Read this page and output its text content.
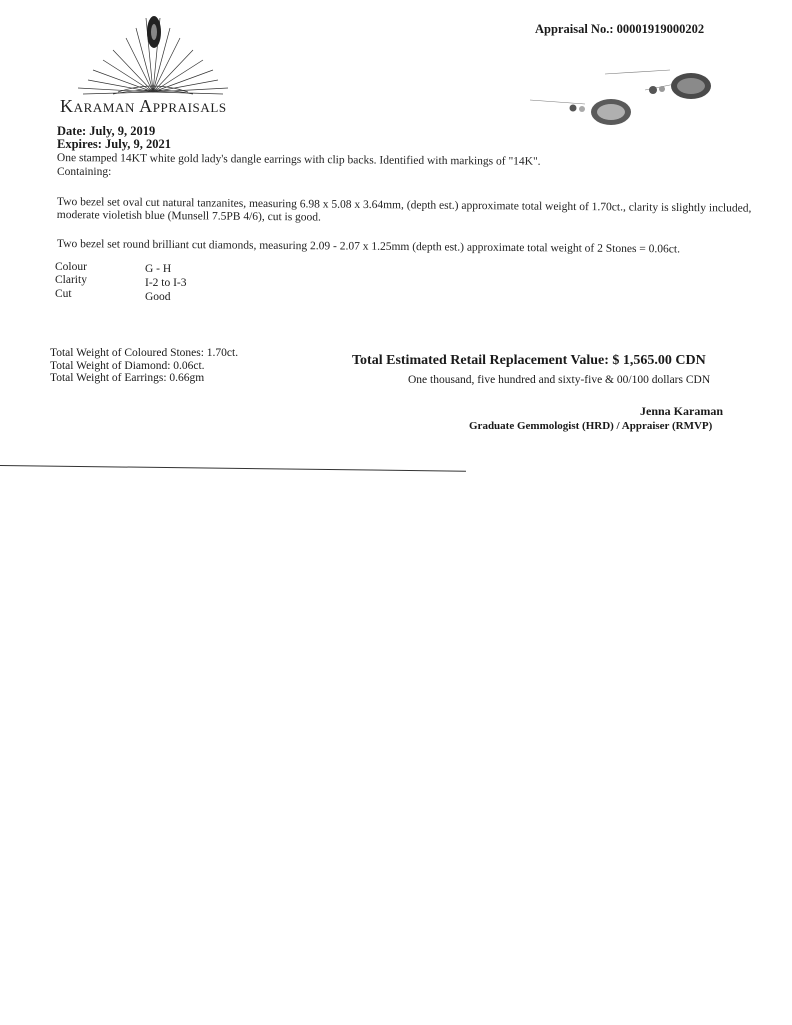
Karaman Appraisals
Appraisal No.: 00001919000202
Date: July, 9, 2019
Expires: July, 9, 2021
One stamped 14KT white gold lady's dangle earrings with clip backs. Identified with markings of "14K".
Containing:
Two bezel set oval cut natural tanzanites, measuring 6.98 x 5.08 x 3.64mm, (depth est.) approximate total weight of 1.70ct., clarity is slightly included, moderate violetish blue (Munsell 7.5PB 4/6), cut is good.
Two bezel set round brilliant cut diamonds, measuring 2.09 - 2.07 x 1.25mm (depth est.) approximate total weight of 2 Stones = 0.06ct.
Colour	G - H
Clarity	I-2 to I-3
Cut	Good
Total Weight of Coloured Stones: 1.70ct.
Total Weight of Diamond: 0.06ct.
Total Weight of Earrings: 0.66gm
Total Estimated Retail Replacement Value: $ 1,565.00 CDN
One thousand, five hundred and sixty-five & 00/100 dollars CDN
Jenna Karaman
Graduate Gemmologist (HRD) / Appraiser (RMVP)
